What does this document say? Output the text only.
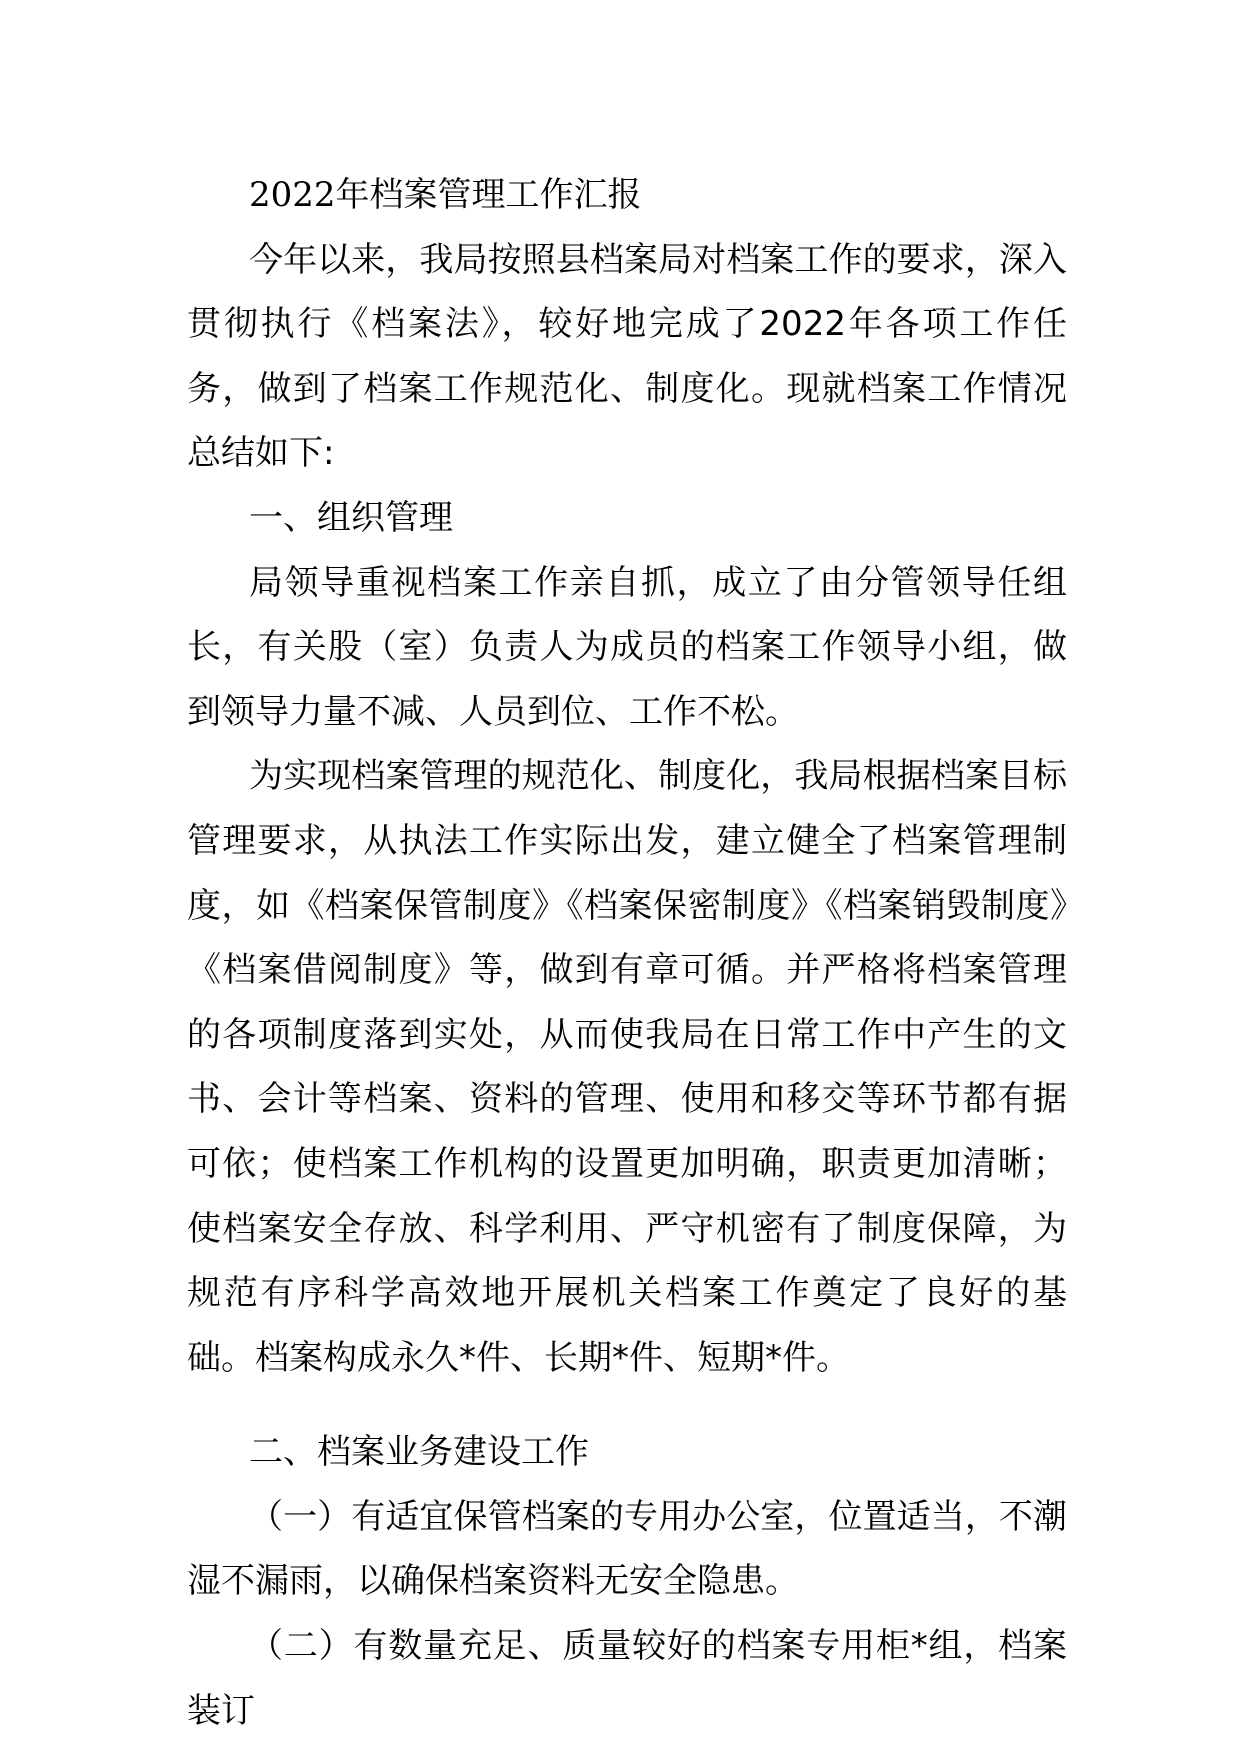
2022年档案管理工作汇报

今年以来，我局按照县档案局对档案工作的要求，深入贯彻执行《档案法》，较好地完成了2022年各项工作任务，做到了档案工作规范化、制度化。现就档案工作情况总结如下:

一、组织管理

局领导重视档案工作亲自抓，成立了由分管领导任组长，有关股（室）负责人为成员的档案工作领导小组，做到领导力量不减、人员到位、工作不松。

为实现档案管理的规范化、制度化，我局根据档案目标管理要求，从执法工作实际出发，建立健全了档案管理制度，如《档案保管制度》《档案保密制度》《档案销毁制度》《档案借阅制度》等，做到有章可循。并严格将档案管理的各项制度落到实处，从而使我局在日常工作中产生的文书、会计等档案、资料的管理、使用和移交等环节都有据可依；使档案工作机构的设置更加明确，职责更加清晰；使档案安全存放、科学利用、严守机密有了制度保障，为规范有序科学高效地开展机关档案工作奠定了良好的基础。档案构成永久*件、长期*件、短期*件。

二、档案业务建设工作

（一）有适宜保管档案的专用办公室，位置适当，不潮湿不漏雨，以确保档案资料无安全隐患。

（二）有数量充足、质量较好的档案专用柜*组，档案装订
